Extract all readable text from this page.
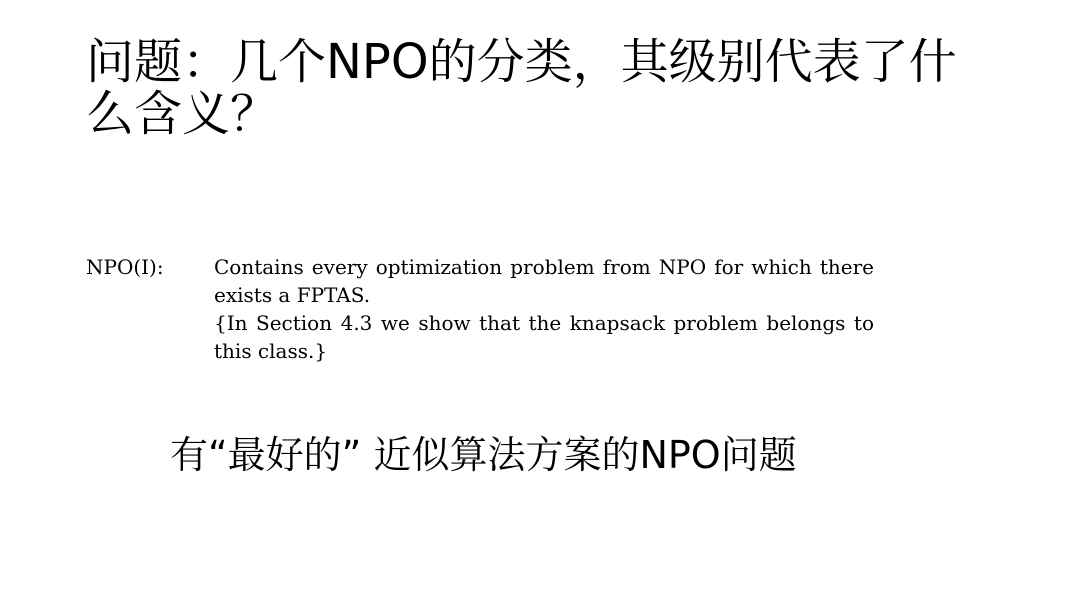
问题：几个NPO的分类，其级别代表了什么含义？
NPO(I):	Contains every optimization problem from NPO for which there exists a FPTAS.

{In Section 4.3 we show that the knapsack problem belongs to this class.}

有“最好的” 近似算法方案的NPO问题
